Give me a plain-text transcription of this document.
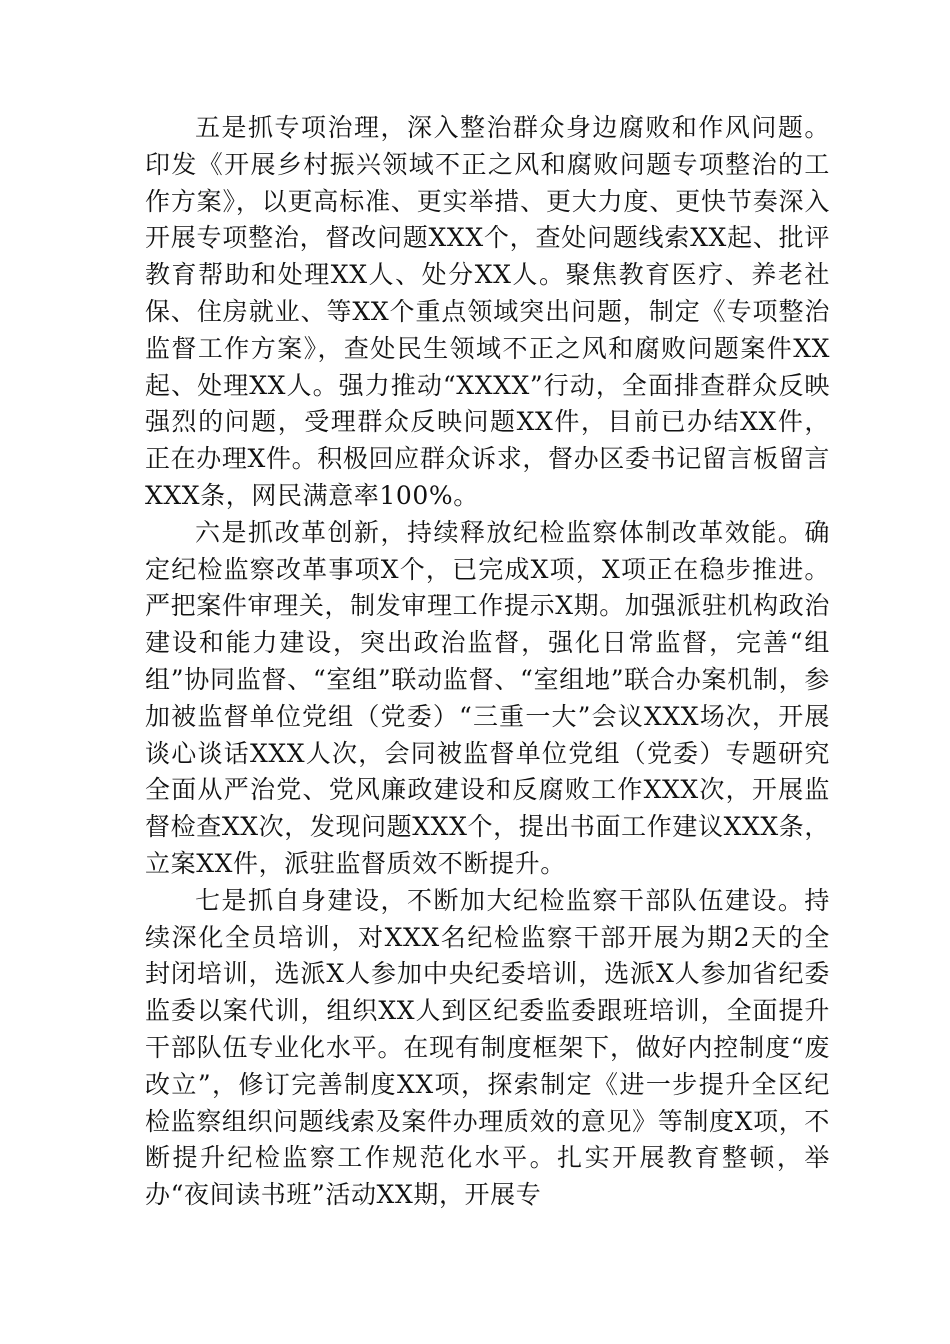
五是抓专项治理，深入整治群众身边腐败和作风问题。印发《开展乡村振兴领域不正之风和腐败问题专项整治的工作方案》，以更高标准、更实举措、更大力度、更快节奏深入开展专项整治，督改问题XXX个，查处问题线索XX起、批评教育帮助和处理XX人、处分XX人。聚焦教育医疗、养老社保、住房就业、等XX个重点领域突出问题，制定《专项整治监督工作方案》，查处民生领域不正之风和腐败问题案件XX起、处理XX人。强力推动“XXXX”行动，全面排查群众反映强烈的问题，受理群众反映问题XX件，目前已办结XX件，正在办理X件。积极回应群众诉求，督办区委书记留言板留言XXX条，网民满意率100%。

六是抓改革创新，持续释放纪检监察体制改革效能。确定纪检监察改革事项X个，已完成X项，X项正在稳步推进。严把案件审理关，制发审理工作提示X期。加强派驻机构政治建设和能力建设，突出政治监督，强化日常监督，完善“组组”协同监督、“室组”联动监督、“室组地”联合办案机制，参加被监督单位党组（党委）“三重一大”会议XXX场次，开展谈心谈话XXX人次，会同被监督单位党组（党委）专题研究全面从严治党、党风廉政建设和反腐败工作XXX次，开展监督检查XX次，发现问题XXX个，提出书面工作建议XXX条，立案XX件，派驻监督质效不断提升。

七是抓自身建设，不断加大纪检监察干部队伍建设。持续深化全员培训，对XXX名纪检监察干部开展为期2天的全封闭培训，选派X人参加中央纪委培训，选派X人参加省纪委监委以案代训，组织XX人到区纪委监委跟班培训，全面提升干部队伍专业化水平。在现有制度框架下，做好内控制度“废改立”，修订完善制度XX项，探索制定《进一步提升全区纪检监察组织问题线索及案件办理质效的意见》等制度X项，不断提升纪检监察工作规范化水平。扎实开展教育整顿，举办“夜间读书班”活动XX期，开展专
